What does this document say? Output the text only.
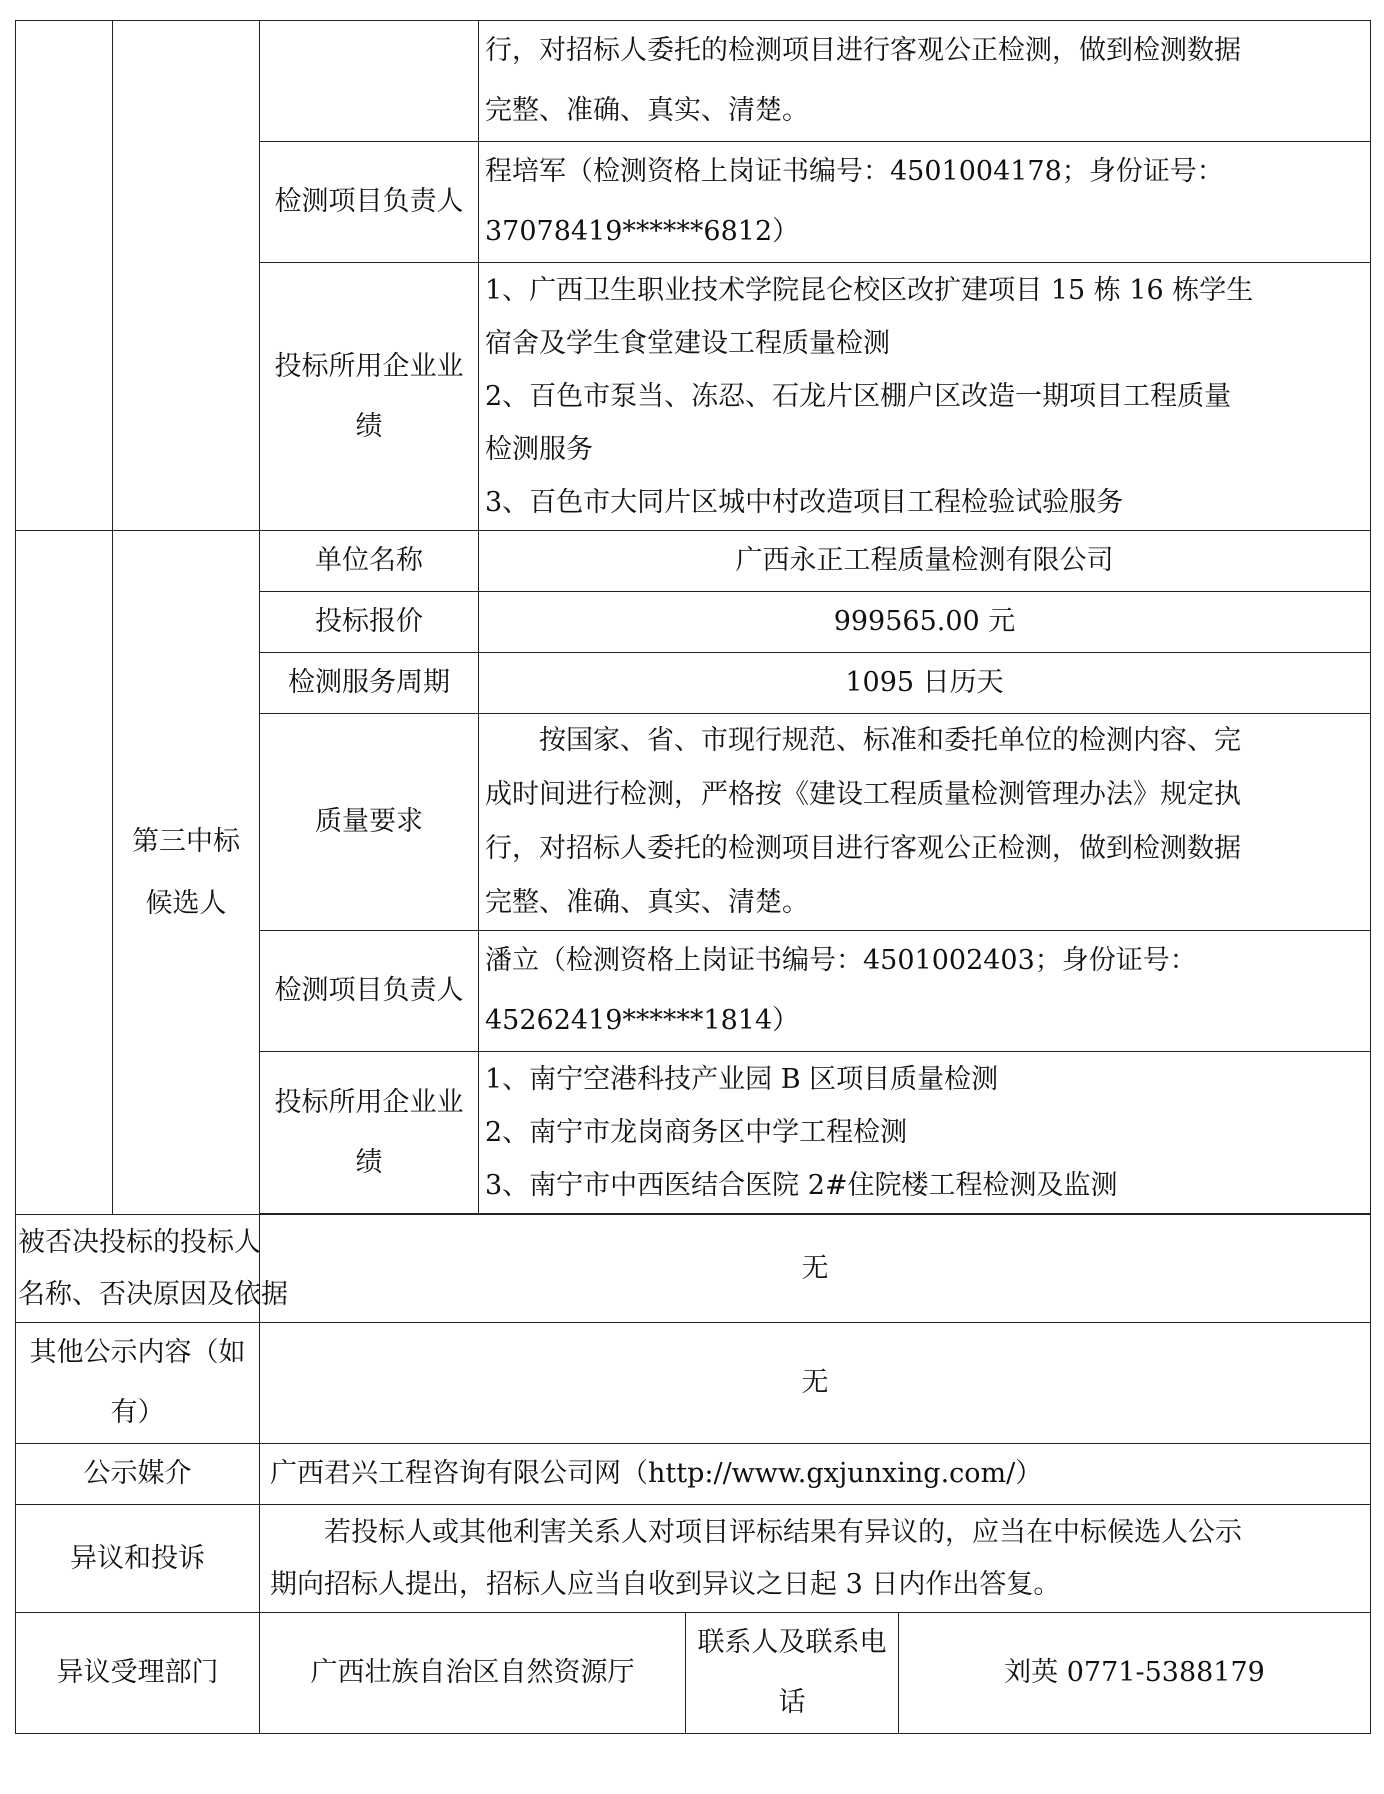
			行，对招标人委托的检测项目进行客观公正检测，做到检测数据
完整、准确、真实、清楚。		

		检测项目负责人	程培军（检测资格上岗证书编号：4501004178；身份证号：
37078419******6812）		

		投标所用企业业绩	1、广西卫生职业技术学院昆仑校区改扩建项目 15 栋 16 栋学生
宿舍及学生食堂建设工程质量检测
2、百色市泵当、冻忍、石龙片区棚户区改造一期项目工程质量
检测服务
3、百色市大同片区城中村改造项目工程检验试验服务		

	第三中标
候选人	单位名称	广西永正工程质量检测有限公司		
		投标报价	999565.00 元		
		检测服务周期	1095 日历天		
		质量要求	按国家、省、市现行规范、标准和委托单位的检测内容、完
成时间进行检测，严格按《建设工程质量检测管理办法》规定执
行，对招标人委托的检测项目进行客观公正检测，做到检测数据
完整、准确、真实、清楚。		

		检测项目负责人	潘立（检测资格上岗证书编号：4501002403；身份证号：
45262419******1814）		

		投标所用企业业绩	1、南宁空港科技产业园 B 区项目质量检测
2、南宁市龙岗商务区中学工程检测
3、南宁市中西医结合医院 2#住院楼工程检测及监测		

被否决投标的投标人
名称、否决原因及依据		无			
其他公示内容（如有）		无			
公示媒介		广西君兴工程咨询有限公司网（http://www.gxjunxing.com/）			
异议和投诉		若投标人或其他利害关系人对项目评标结果有异议的，应当在中标候选人公示
期向招标人提出，招标人应当自收到异议之日起 3 日内作出答复。			

异议受理部门		广西壮族自治区自然资源厅		联系人及联系电话	刘英 0771-5388179
